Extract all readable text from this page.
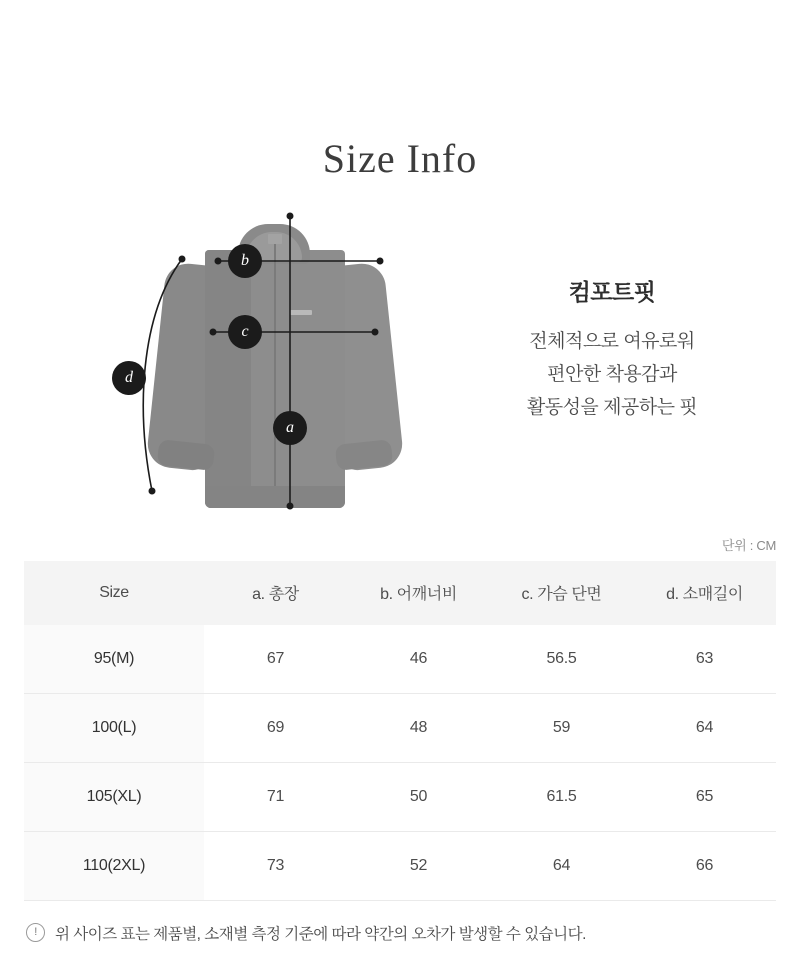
Size Info
a
b
c
d
컴포트핏
전체적으로 여유로워
편안한 착용감과
활동성을 제공하는 핏
단위 : CM
Size	a. 총장	b. 어깨너비	c. 가슴 단면	d. 소매길이
95(M)	67	46	56.5	63
100(L)	69	48	59	64
105(XL)	71	50	61.5	65
110(2XL)	73	52	64	66
!	위 사이즈 표는 제품별, 소재별 측정 기준에 따라 약간의 오차가 발생할 수 있습니다.
